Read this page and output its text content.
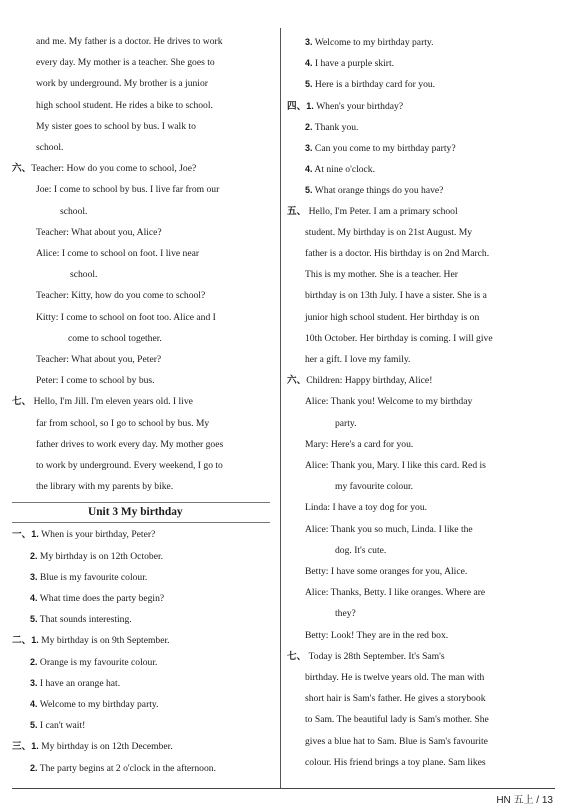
and me. My father is a doctor. He drives to work
every day. My mother is a teacher. She goes to
work by underground. My brother is a junior
high school student. He rides a bike to school.
My sister goes to school by bus. I walk to
school.
六、Teacher: How do you come to school, Joe?
Joe: I come to school by bus. I live far from our
school.
Teacher: What about you, Alice?
Alice: I come to school on foot. I live near
school.
Teacher: Kitty, how do you come to school?
Kitty: I come to school on foot too. Alice and I
come to school together.
Teacher: What about you, Peter?
Peter: I come to school by bus.
七、 Hello, I'm Jill. I'm eleven years old. I live
far from school, so I go to school by bus. My
father drives to work every day. My mother goes
to work by underground. Every weekend, I go to
the library with my parents by bike.
Unit 3 My birthday
一、1. When is your birthday, Peter?
2. My birthday is on 12th October.
3. Blue is my favourite colour.
4. What time does the party begin?
5. That sounds interesting.
二、1. My birthday is on 9th September.
2. Orange is my favourite colour.
3. I have an orange hat.
4. Welcome to my birthday party.
5. I can't wait!
三、1. My birthday is on 12th December.
2. The party begins at 2 o'clock in the afternoon.
3. Welcome to my birthday party.
4. I have a purple skirt.
5. Here is a birthday card for you.
四、1. When's your birthday?
2. Thank you.
3. Can you come to my birthday party?
4. At nine o'clock.
5. What orange things do you have?
五、 Hello, I'm Peter. I am a primary school
student. My birthday is on 21st August. My
father is a doctor. His birthday is on 2nd March.
This is my mother. She is a teacher. Her
birthday is on 13th July. I have a sister. She is a
junior high school student. Her birthday is on
10th October. Her birthday is coming. I will give
her a gift. I love my family.
六、Children: Happy birthday, Alice!
Alice: Thank you! Welcome to my birthday
party.
Mary: Here's a card for you.
Alice: Thank you, Mary. I like this card. Red is
my favourite colour.
Linda: I have a toy dog for you.
Alice: Thank you so much, Linda. I like the
dog. It's cute.
Betty: I have some oranges for you, Alice.
Alice: Thanks, Betty. I like oranges. Where are
they?
Betty: Look! They are in the red box.
七、 Today is 28th September. It's Sam's
birthday. He is twelve years old. The man with
short hair is Sam's father. He gives a storybook
to Sam. The beautiful lady is Sam's mother. She
gives a blue hat to Sam. Blue is Sam's favourite
colour. His friend brings a toy plane. Sam likes
HN 五上 / 13
